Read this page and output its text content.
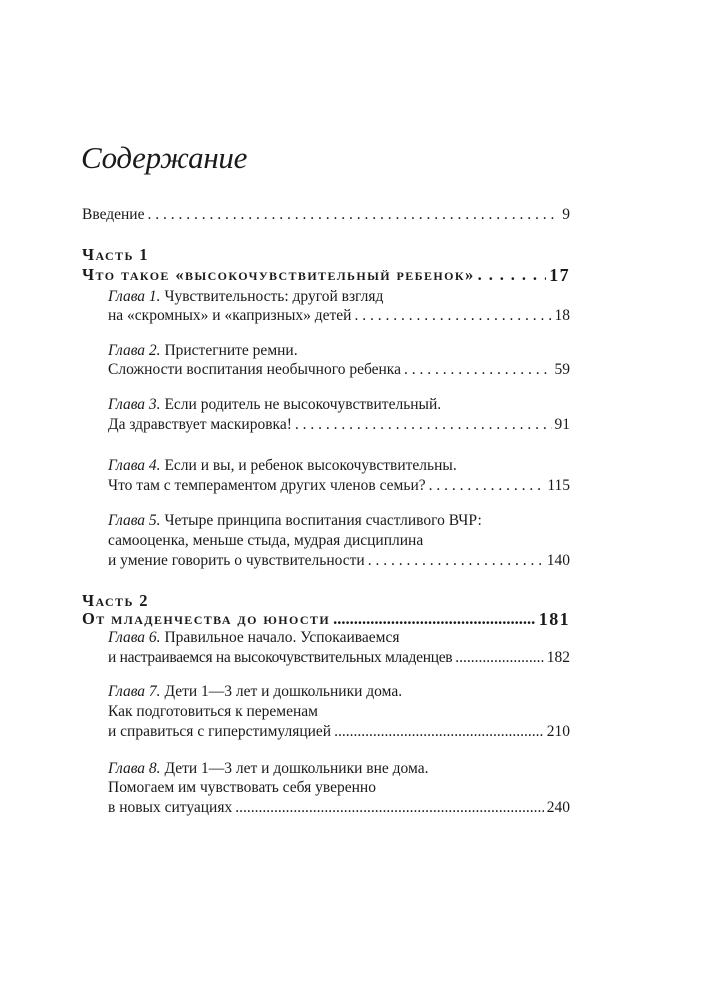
Содержание
Введение . . .	9
Часть 1
Что такое «высокочувствительный ребенок» . . .	17
Глава 1.
Чувствительность: другой взгляд
на «скромных» и «капризных» детей . . .	18
Глава 2.
Пристегните ремни.
Сложности воспитания необычного ребенка . . .	59
Глава 3.
Если родитель не высокочувствительный.
Да здравствует маскировка! . . .	91
Глава 4.
Если и вы, и ребенок высокочувствительны.
Что там с темпераментом других членов семьи? . . .	115
Глава 5.
Четыре принципа воспитания счастливого ВЧР:
самооценка, меньше стыда, мудрая дисциплина
и умение говорить о чувствительности . . .	140
Часть 2
От младенчества до юности .....	181
Глава 6.
Правильное начало. Успокаиваемся
и настраиваемся на высокочувствительных младенцев .....	182
Глава 7.
Дети 1—3 лет и дошкольники дома.
Как подготовиться к переменам
и справиться с гиперстимуляцией .....	210
Глава 8.
Дети 1—3 лет и дошкольники вне дома.
Помогаем им чувствовать себя уверенно
в новых ситуациях .....	240
